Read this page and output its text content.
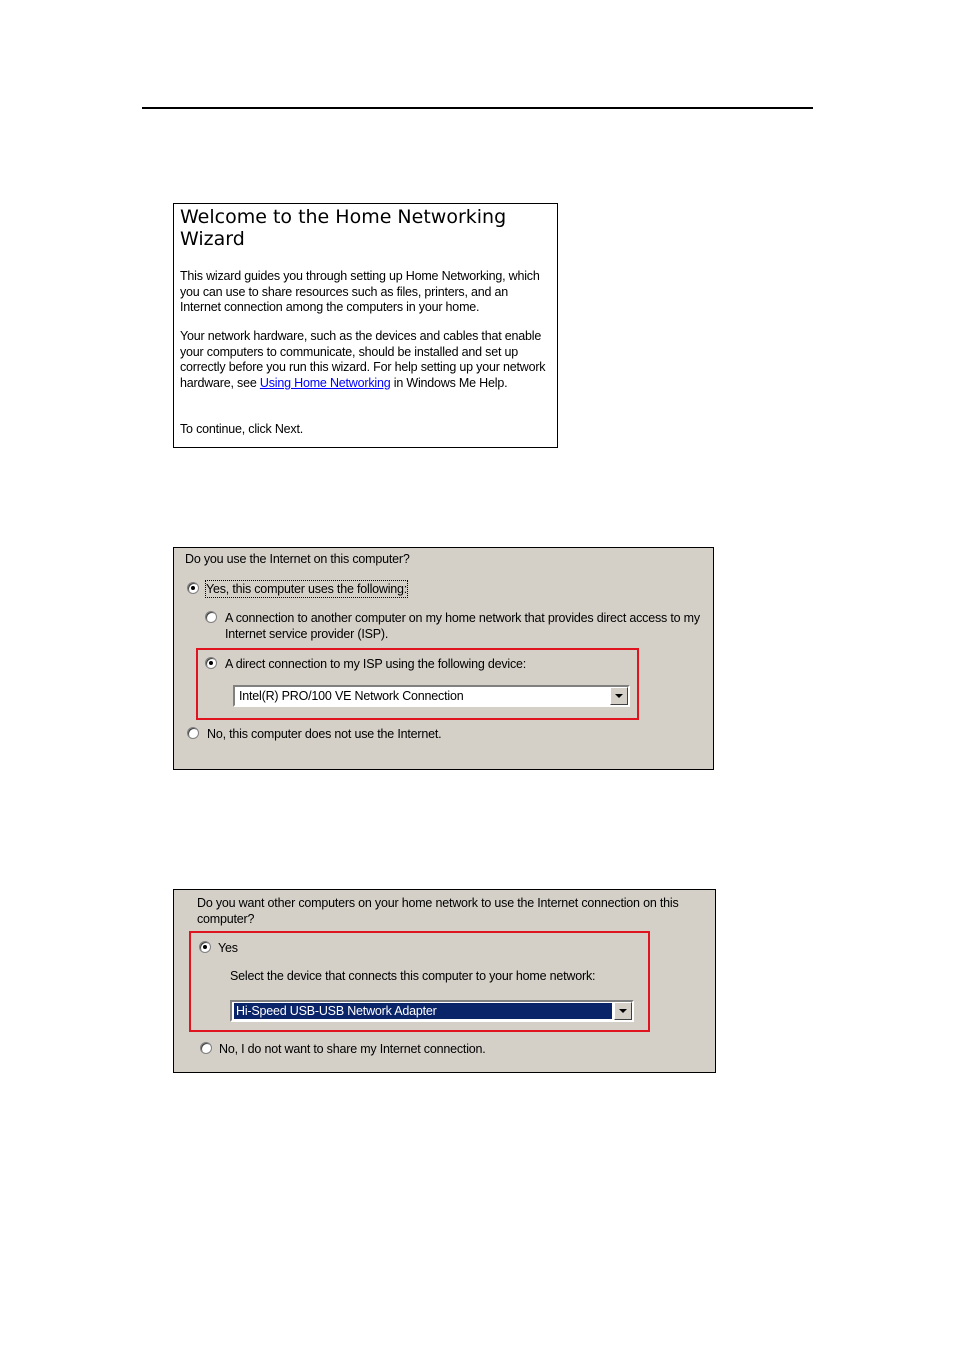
Welcome to the Home Networking Wizard
This wizard guides you through setting up Home Networking, which you can use to share resources such as files, printers, and an Internet connection among the computers in your home.
Your network hardware, such as the devices and cables that enable your computers to communicate, should be installed and set up correctly before you run this wizard. For help setting up your network hardware, see Using Home Networking in Windows Me Help.
To continue, click Next.
Do you use the Internet on this computer?
Yes, this computer uses the following:
A connection to another computer on my home network that provides direct access to my Internet service provider (ISP).
A direct connection to my ISP using the following device:
Intel(R) PRO/100 VE Network Connection
No, this computer does not use the Internet.
Do you want other computers on your home network to use the Internet connection on this computer?
Yes
Select the device that connects this computer to your home network:
Hi-Speed USB-USB Network Adapter
No, I do not want to share my Internet connection.
